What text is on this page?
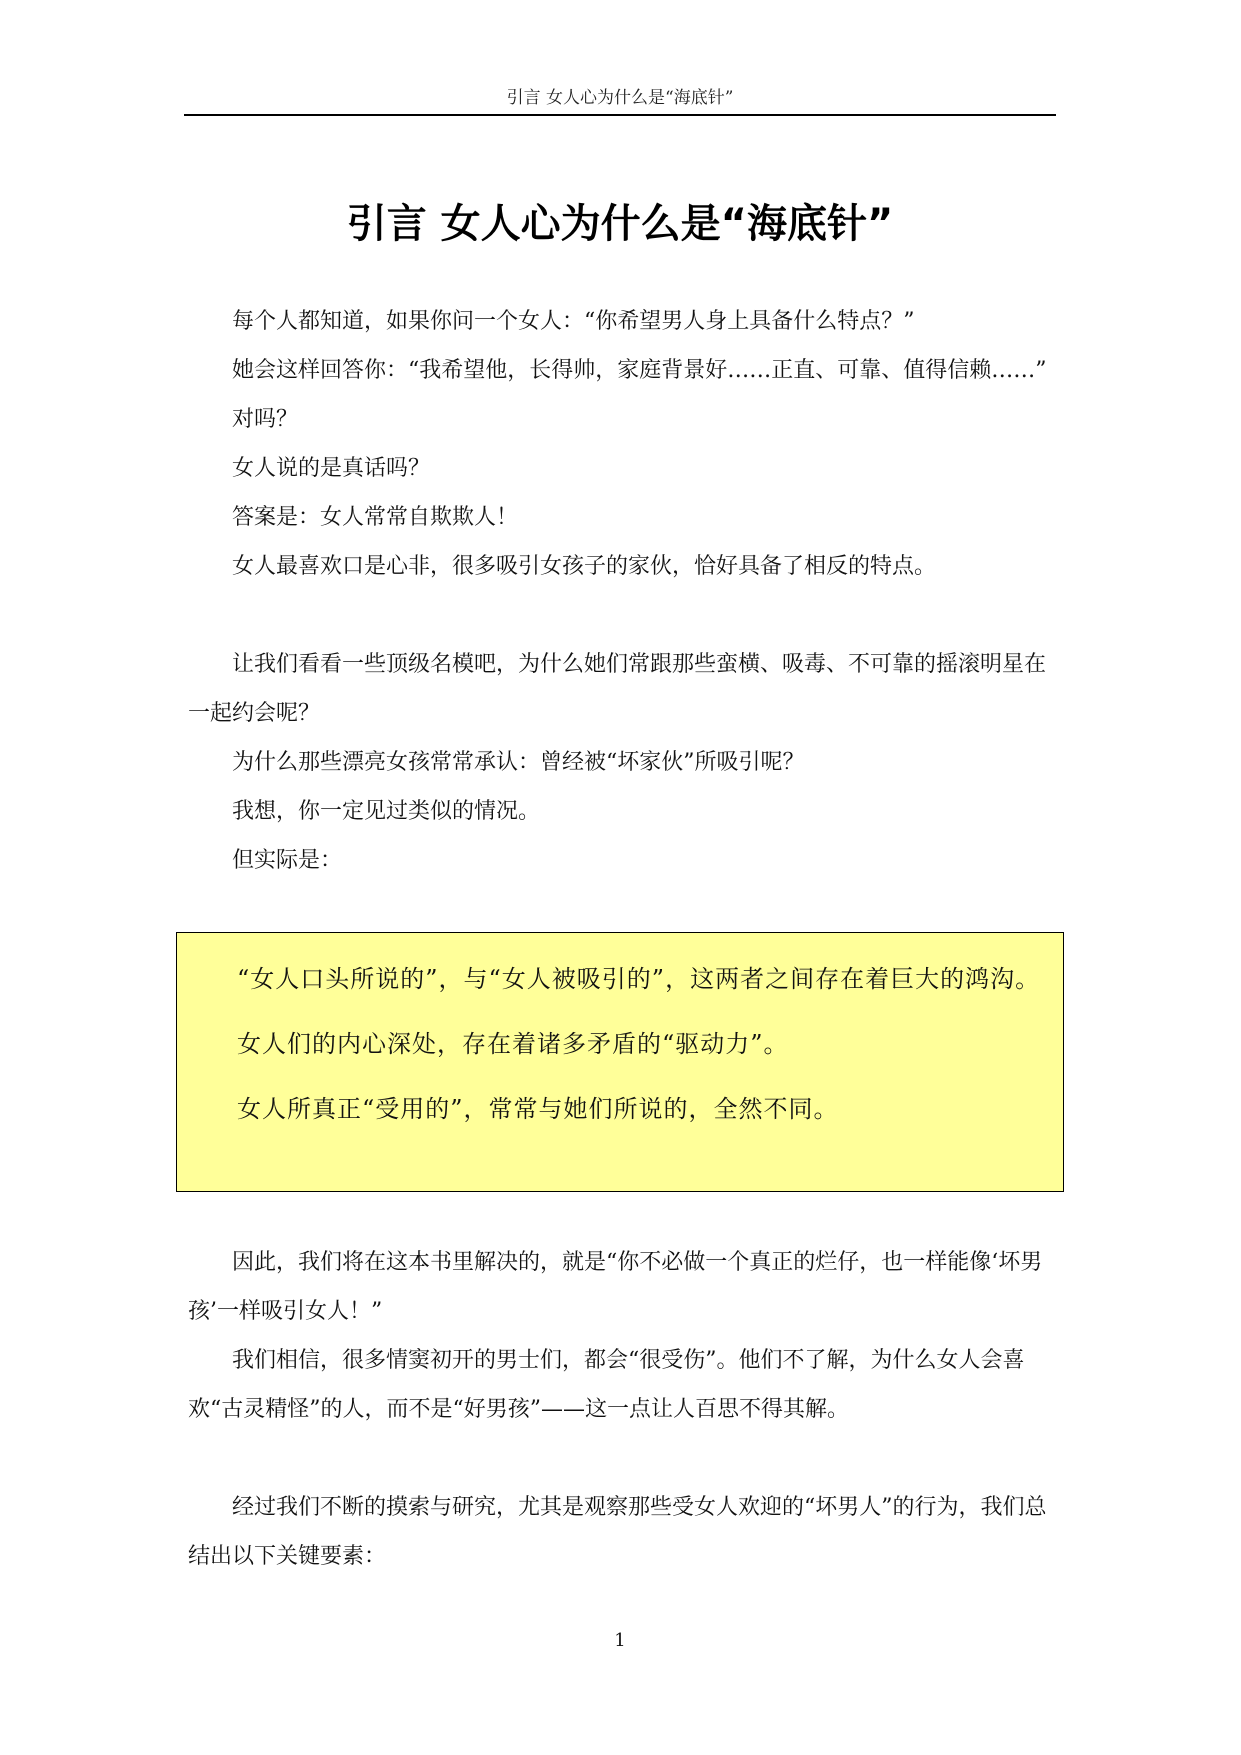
引言 女人心为什么是“海底针”
引言 女人心为什么是“海底针”

每个人都知道，如果你问一个女人：“你希望男人身上具备什么特点？”

她会这样回答你：“我希望他，长得帅，家庭背景好……正直、可靠、值得信赖……”

对吗？

女人说的是真话吗？

答案是：女人常常自欺欺人！

女人最喜欢口是心非，很多吸引女孩子的家伙，恰好具备了相反的特点。

让我们看看一些顶级名模吧，为什么她们常跟那些蛮横、吸毒、不可靠的摇滚明星在一起约会呢？

为什么那些漂亮女孩常常承认：曾经被“坏家伙”所吸引呢？

我想，你一定见过类似的情况。

但实际是：

“女人口头所说的”，与“女人被吸引的”，这两者之间存在着巨大的鸿沟。

女人们的内心深处，存在着诸多矛盾的“驱动力”。

女人所真正“受用的”，常常与她们所说的，全然不同。

因此，我们将在这本书里解决的，就是“你不必做一个真正的烂仔，也一样能像‘坏男孩’一样吸引女人！”

我们相信，很多情窦初开的男士们，都会“很受伤”。他们不了解，为什么女人会喜欢“古灵精怪”的人，而不是“好男孩”——这一点让人百思不得其解。

经过我们不断的摸索与研究，尤其是观察那些受女人欢迎的“坏男人”的行为，我们总结出以下关键要素：

1
